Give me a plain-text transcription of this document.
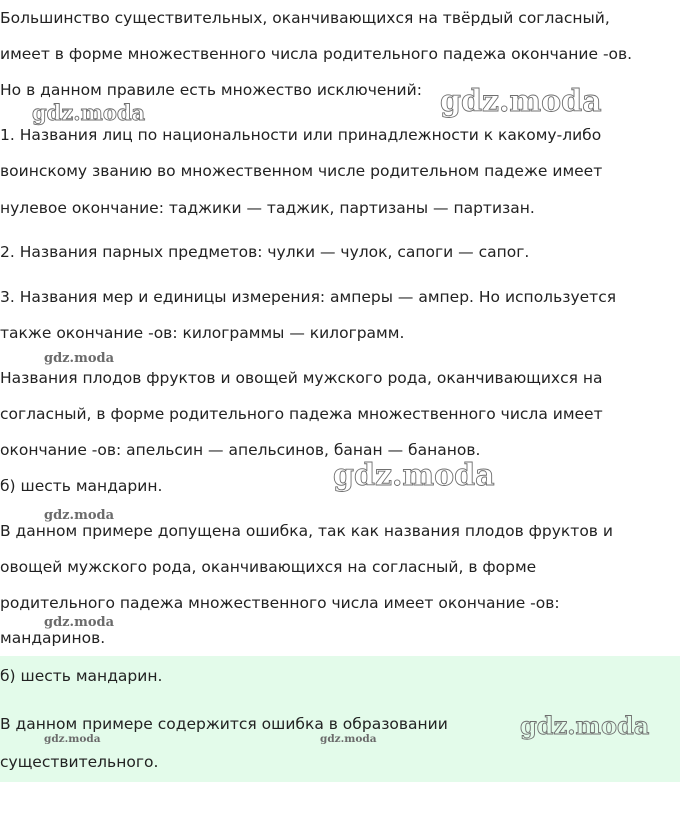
Большинство существительных, оканчивающихся на твёрдый согласный,

имеет в форме множественного числа родительного падежа окончание -ов.

Но в данном правиле есть множество исключений:

1. Названия лиц по национальности или принадлежности к какому-либо

воинскому званию во множественном числе родительном падеже имеет

нулевое окончание: таджики — таджик, партизаны — партизан.

2. Названия парных предметов: чулки — чулок, сапоги — сапог.

3. Названия мер и единицы измерения: амперы — ампер. Но используется

также окончание -ов: килограммы — килограмм.

Названия плодов фруктов и овощей мужского рода, оканчивающихся на

согласный, в форме родительного падежа множественного числа имеет

окончание -ов: апельсин — апельсинов, банан — бананов.

б) шесть мандарин.

В данном примере допущена ошибка, так как названия плодов фруктов и

овощей мужского рода, оканчивающихся на согласный, в форме

родительного падежа множественного числа имеет окончание -ов:

мандаринов.

б) шесть мандарин.

В данном примере содержится ошибка в образовании

существительного.

gdz.moda
gdz.moda
gdz.moda
gdz.moda
gdz.moda
gdz.moda
gdz.moda
gdz.moda	gdz.moda
